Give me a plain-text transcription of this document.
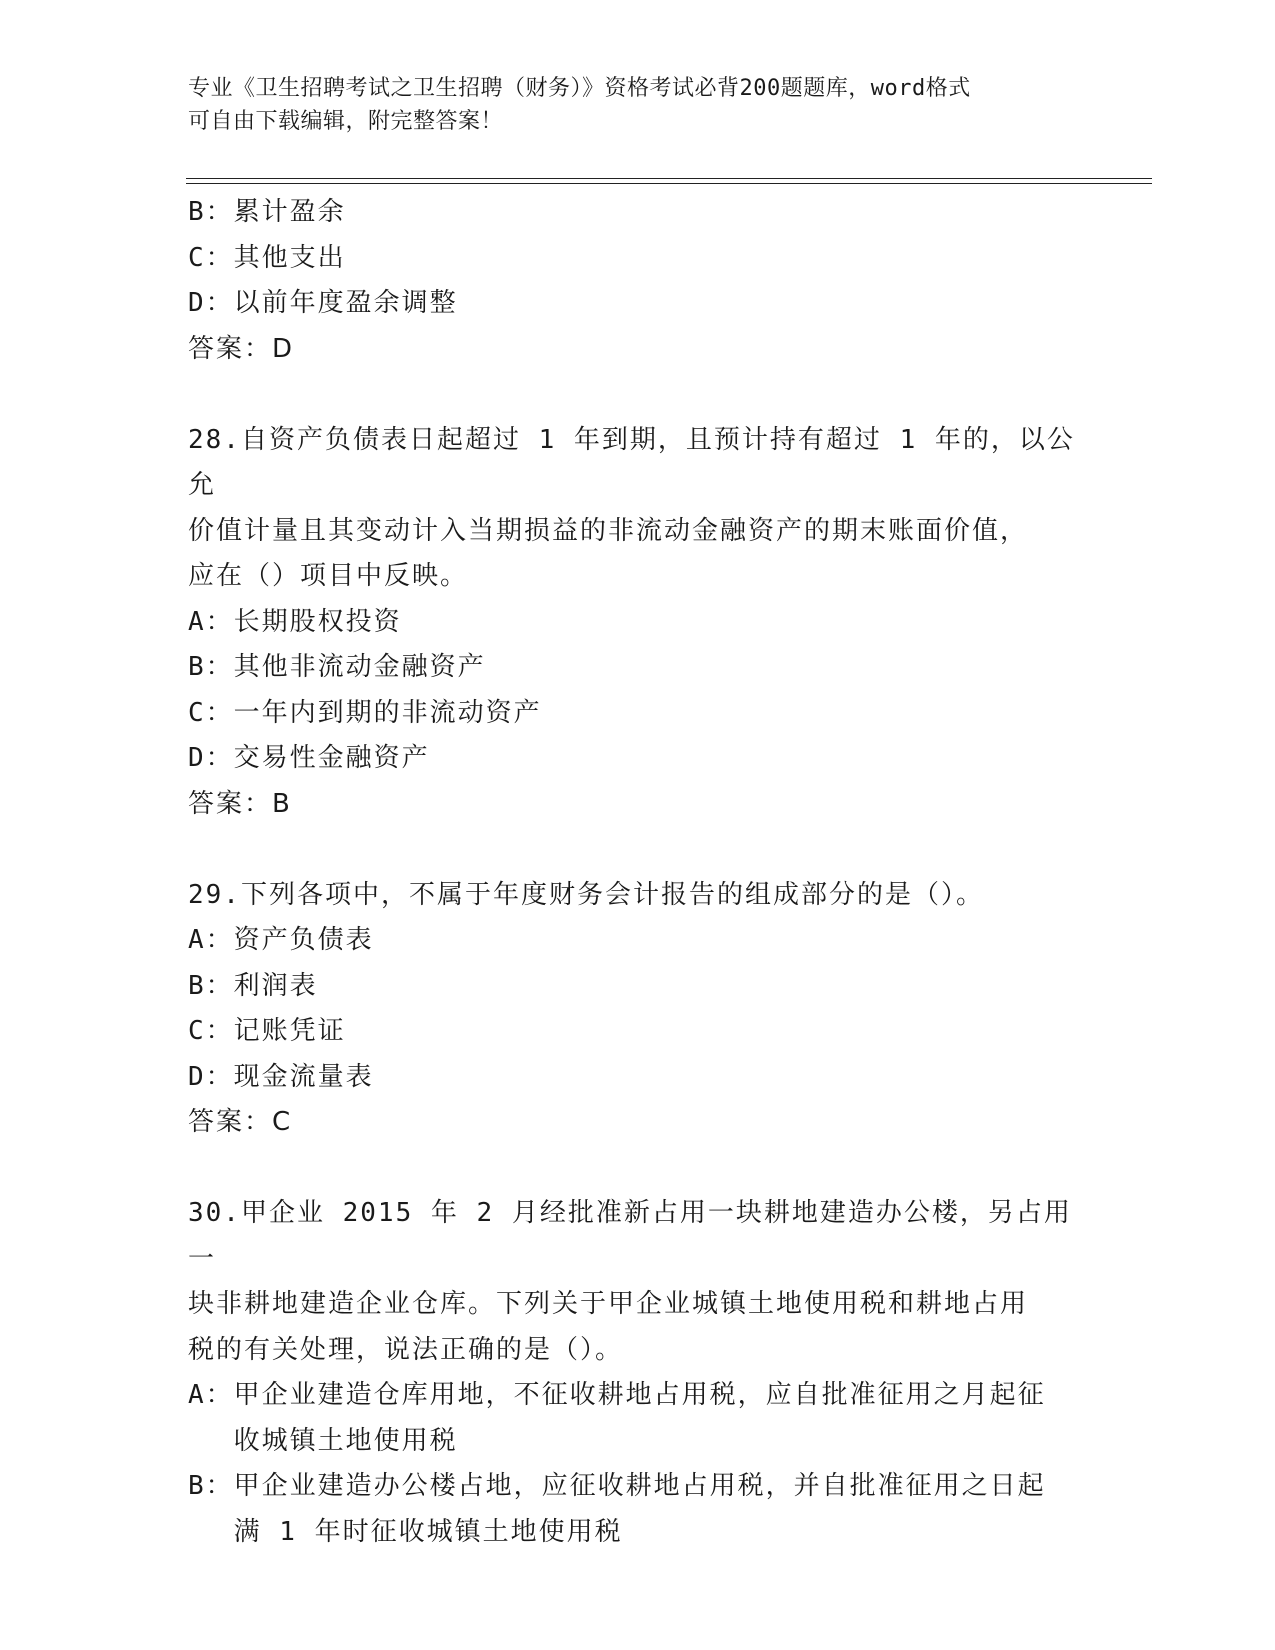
专业《卫生招聘考试之卫生招聘（财务）》资格考试必背200题题库，word格式
可自由下载编辑，附完整答案！
B： 累计盈余
C： 其他支出
D： 以前年度盈余调整
答案：D
28.自资产负债表日起超过 1 年到期，且预计持有超过 1 年的，以公允
价值计量且其变动计入当期损益的非流动金融资产的期末账面价值，
应在（）项目中反映。
A： 长期股权投资
B： 其他非流动金融资产
C： 一年内到期的非流动资产
D： 交易性金融资产
答案：B
29.下列各项中，不属于年度财务会计报告的组成部分的是（）。
A： 资产负债表
B： 利润表
C： 记账凭证
D： 现金流量表
答案：C
30.甲企业 2015 年 2 月经批准新占用一块耕地建造办公楼，另占用一
块非耕地建造企业仓库。下列关于甲企业城镇土地使用税和耕地占用
税的有关处理，说法正确的是（）。
A： 甲企业建造仓库用地，不征收耕地占用税，应自批准征用之月起征
收城镇土地使用税
B： 甲企业建造办公楼占地，应征收耕地占用税，并自批准征用之日起
满 1 年时征收城镇土地使用税
